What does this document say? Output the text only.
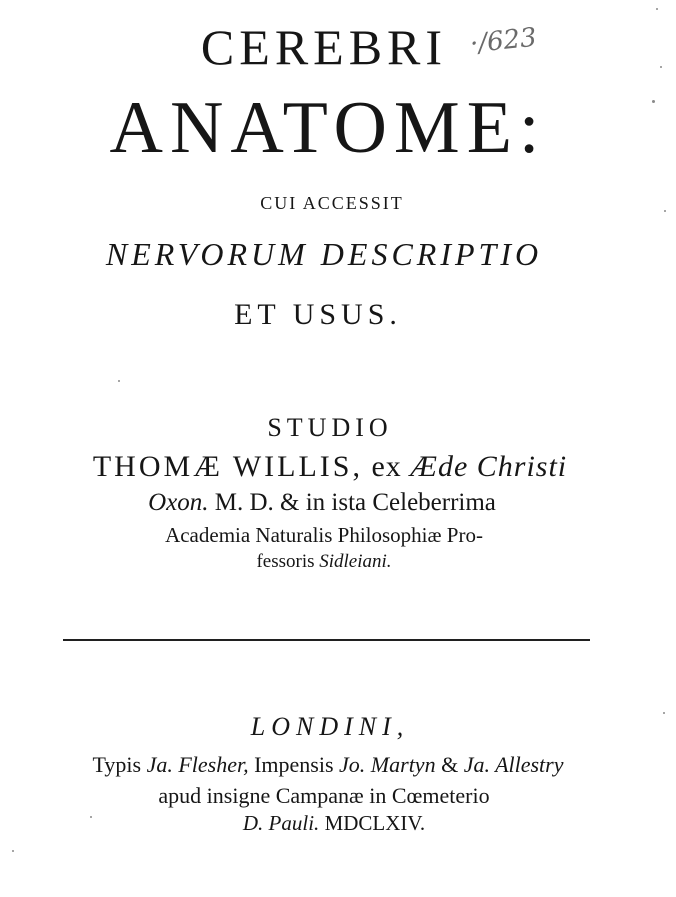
CEREBRI ·/623
ANATOME:
CUI ACCESSIT
NERVORUM DESCRIPTIO
ET USUS.
STUDIO
THOMÆ WILLIS, ex Æde Christi
Oxon. M. D. & in ista Celeberrima
Academia Naturalis Philosophiæ Pro-
fessoris Sidleiani.
LONDINI,
Typis Ja. Flesher, Impensis Jo. Martyn & Ja. Allestry
apud insigne Campanæ in Cœmeterio
D. Pauli. MDCLXIV.
